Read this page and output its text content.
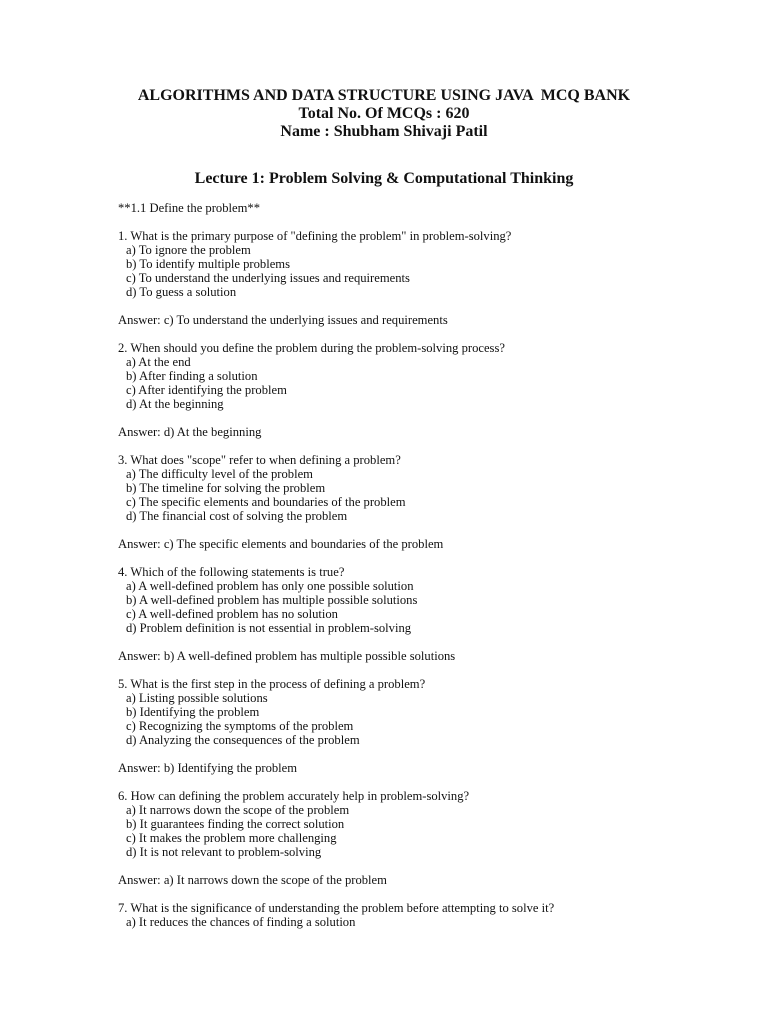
ALGORITHMS AND DATA STRUCTURE USING JAVA  MCQ BANK
Total No. Of MCQs : 620
Name : Shubham Shivaji Patil
Lecture 1: Problem Solving & Computational Thinking
**1.1 Define the problem**
1. What is the primary purpose of "defining the problem" in problem-solving?
a) To ignore the problem
b) To identify multiple problems
c) To understand the underlying issues and requirements
d) To guess a solution
Answer: c) To understand the underlying issues and requirements
2. When should you define the problem during the problem-solving process?
a) At the end
b) After finding a solution
c) After identifying the problem
d) At the beginning
Answer: d) At the beginning
3. What does "scope" refer to when defining a problem?
a) The difficulty level of the problem
b) The timeline for solving the problem
c) The specific elements and boundaries of the problem
d) The financial cost of solving the problem
Answer: c) The specific elements and boundaries of the problem
4. Which of the following statements is true?
a) A well-defined problem has only one possible solution
b) A well-defined problem has multiple possible solutions
c) A well-defined problem has no solution
d) Problem definition is not essential in problem-solving
Answer: b) A well-defined problem has multiple possible solutions
5. What is the first step in the process of defining a problem?
a) Listing possible solutions
b) Identifying the problem
c) Recognizing the symptoms of the problem
d) Analyzing the consequences of the problem
Answer: b) Identifying the problem
6. How can defining the problem accurately help in problem-solving?
a) It narrows down the scope of the problem
b) It guarantees finding the correct solution
c) It makes the problem more challenging
d) It is not relevant to problem-solving
Answer: a) It narrows down the scope of the problem
7. What is the significance of understanding the problem before attempting to solve it?
a) It reduces the chances of finding a solution
